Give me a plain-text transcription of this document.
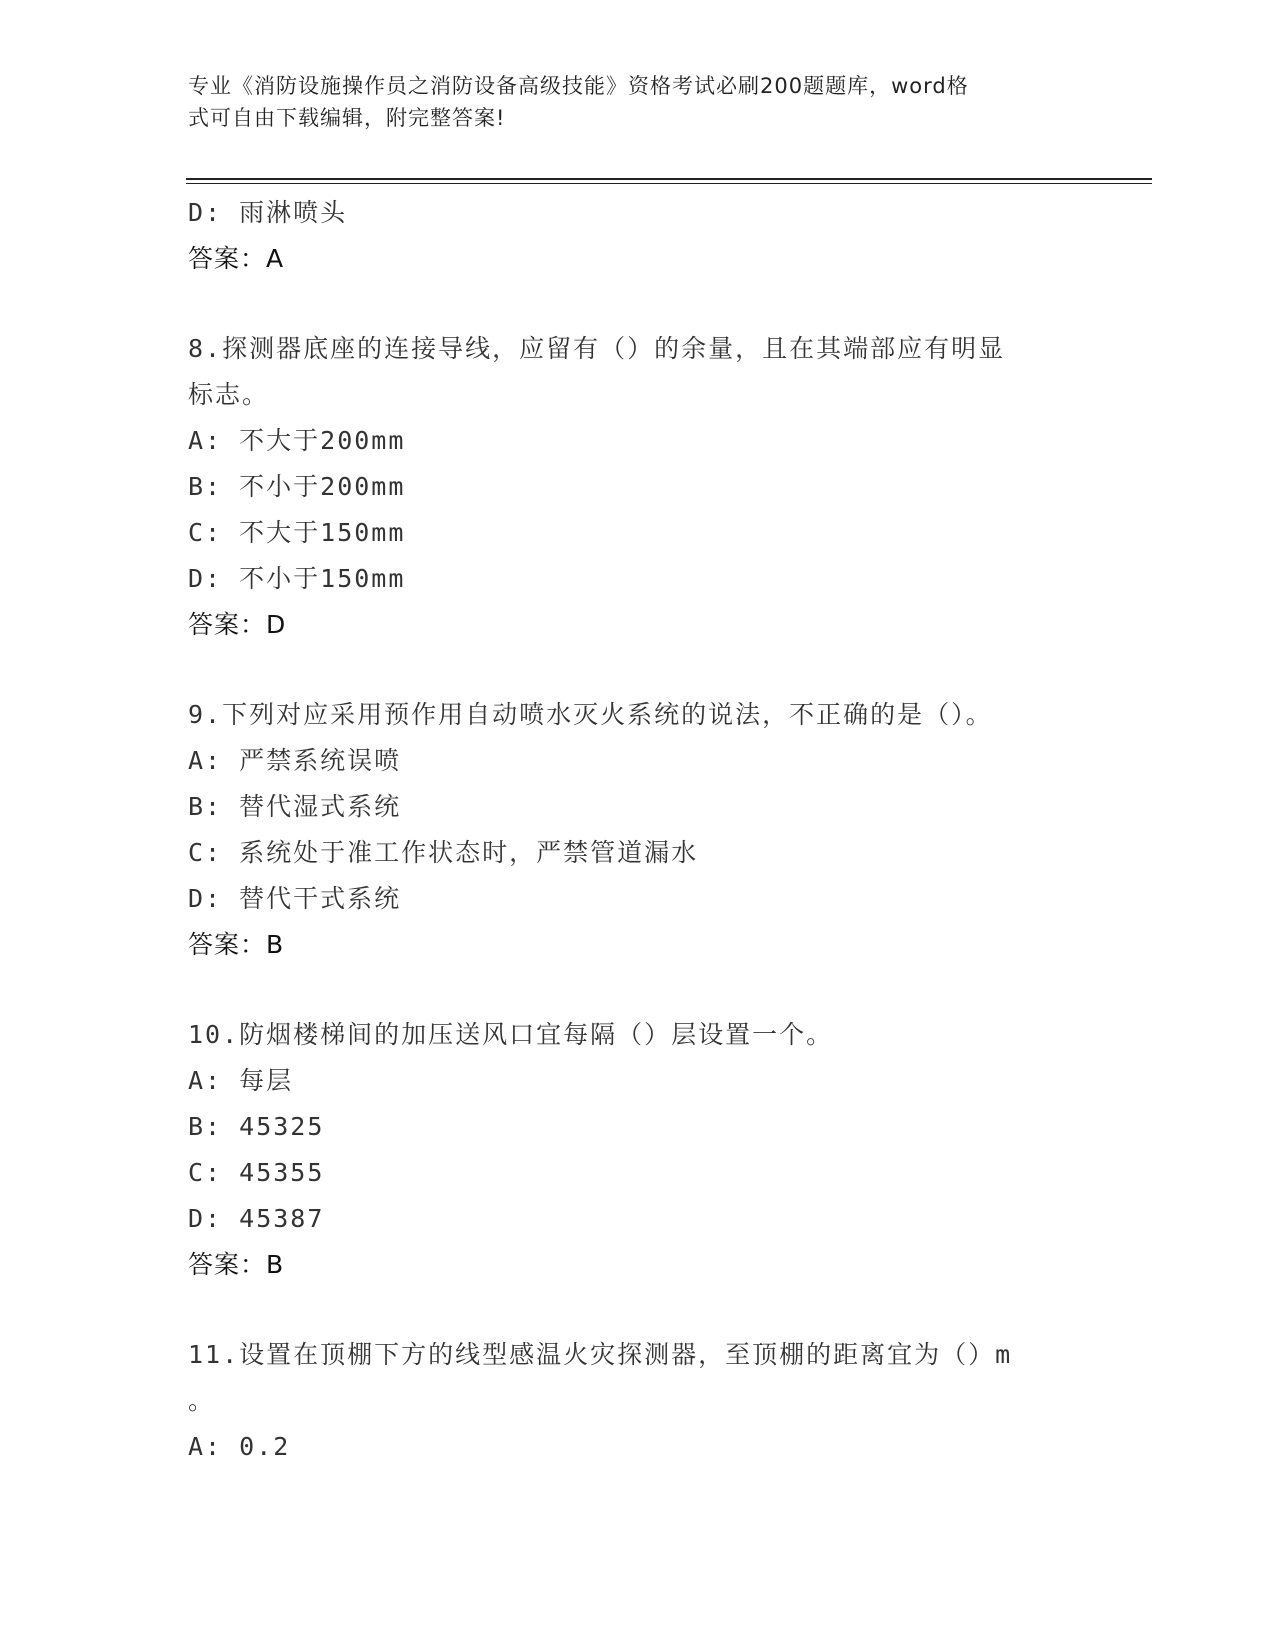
专业《消防设施操作员之消防设备高级技能》资格考试必刷200题题库，word格
式可自由下载编辑，附完整答案!
D: 雨淋喷头
答案：A
8.探测器底座的连接导线，应留有（）的余量，且在其端部应有明显
标志。
A: 不大于200mm
B: 不小于200mm
C: 不大于150mm
D: 不小于150mm
答案：D
9.下列对应采用预作用自动喷水灭火系统的说法，不正确的是（）。
A: 严禁系统误喷
B: 替代湿式系统
C: 系统处于准工作状态时，严禁管道漏水
D: 替代干式系统
答案：B
10.防烟楼梯间的加压送风口宜每隔（）层设置一个。
A: 每层
B: 45325
C: 45355
D: 45387
答案：B
11.设置在顶棚下方的线型感温火灾探测器，至顶棚的距离宜为（）m
。
A: 0.2
